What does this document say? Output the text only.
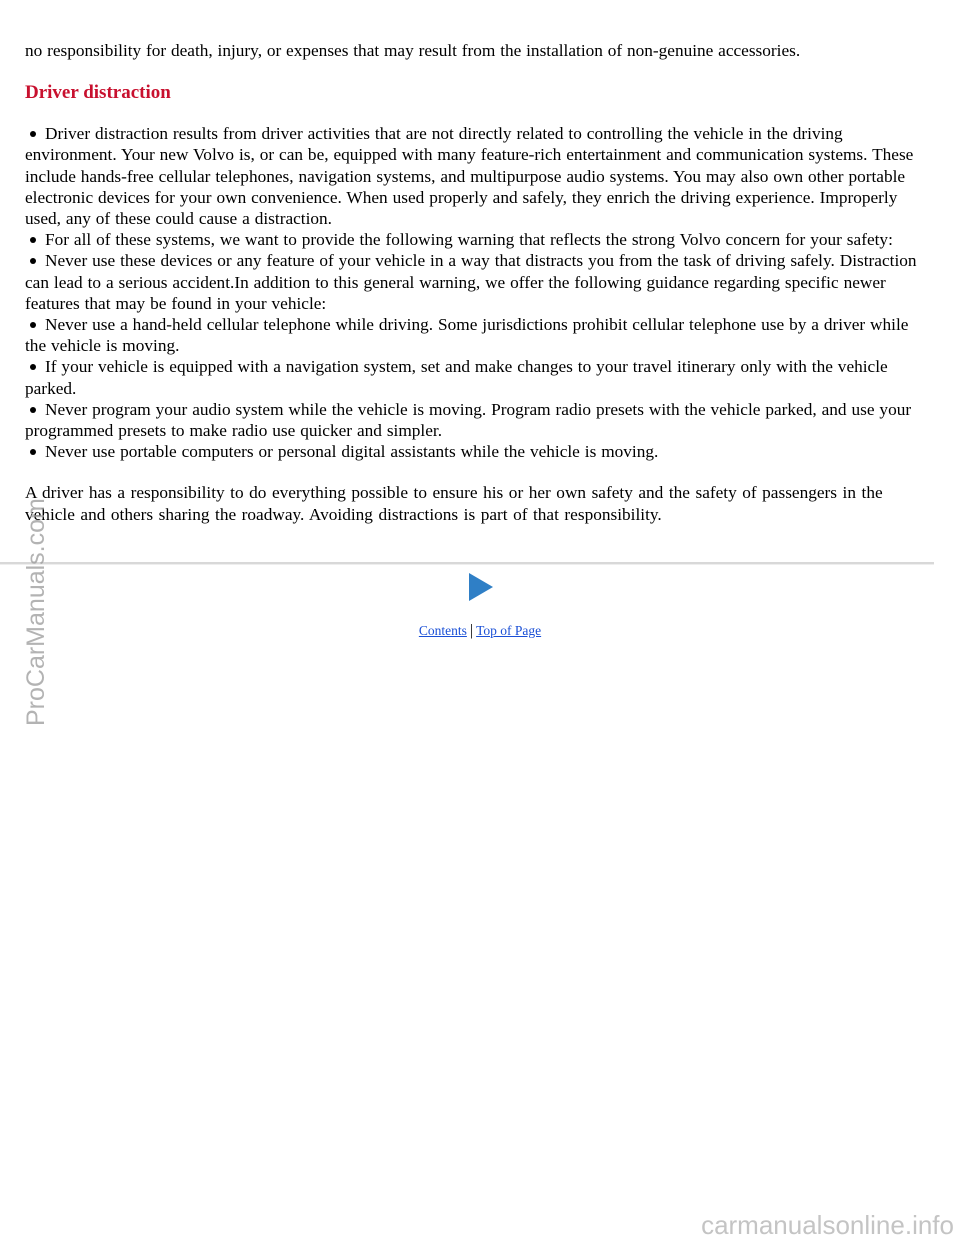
no responsibility for death, injury, or expenses that may result from the installation of non-genuine accessories.

Driver distraction
Driver distraction results from driver activities that are not directly related to controlling the vehicle in the driving environment. Your new Volvo is, or can be, equipped with many feature-rich entertainment and communication systems. These include hands-free cellular telephones, navigation systems, and multipurpose audio systems. You may also own other portable electronic devices for your own convenience. When used properly and safely, they enrich the driving experience. Improperly used, any of these could cause a distraction.
For all of these systems, we want to provide the following warning that reflects the strong Volvo concern for your safety:
Never use these devices or any feature of your vehicle in a way that distracts you from the task of driving safely. Distraction can lead to a serious accident.In addition to this general warning, we offer the following guidance regarding specific newer features that may be found in your vehicle:
Never use a hand-held cellular telephone while driving. Some jurisdictions prohibit cellular telephone use by a driver while the vehicle is moving.
If your vehicle is equipped with a navigation system, set and make changes to your travel itinerary only with the vehicle parked.
Never program your audio system while the vehicle is moving. Program radio presets with the vehicle parked, and use your programmed presets to make radio use quicker and simpler.
Never use portable computers or personal digital assistants while the vehicle is moving.

A driver has a responsibility to do everything possible to ensure his or her own safety and the safety of passengers in the vehicle and others sharing the roadway. Avoiding distractions is part of that responsibility.

Contents | Top of Page
ProCarManuals.com
carmanualsonline.info
